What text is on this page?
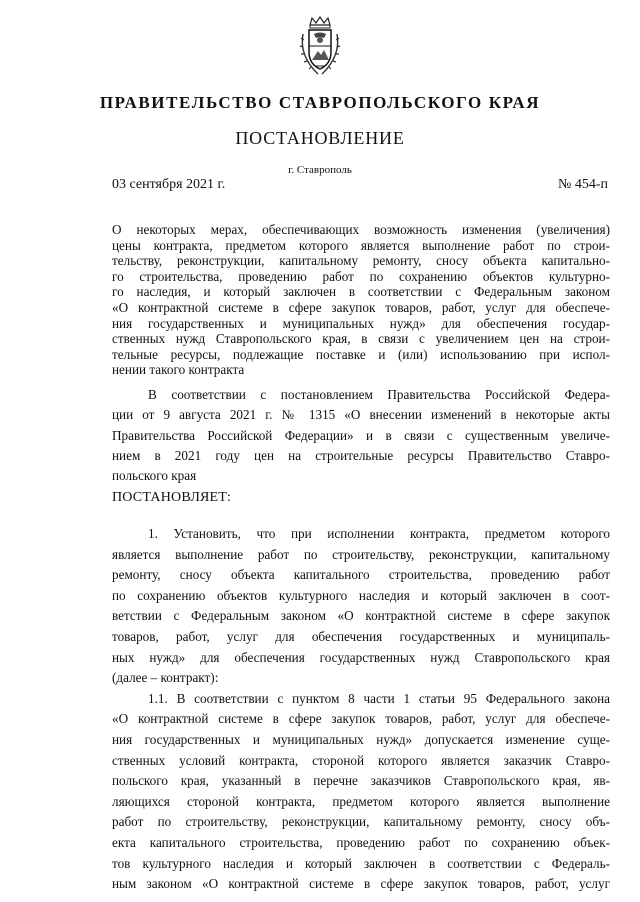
ПРАВИТЕЛЬСТВО СТАВРОПОЛЬСКОГО КРАЯ
ПОСТАНОВЛЕНИЕ
г. Ставрополь
03 сентября 2021 г.	№ 454-п
О некоторых мерах, обеспечивающих возможность изменения (увеличения)
цены контракта, предметом которого является выполнение работ по строи-
тельству, реконструкции, капитальному ремонту, сносу объекта капитально-
го строительства, проведению работ по сохранению объектов культурно-
го наследия, и который заключен в соответствии с Федеральным законом
«О контрактной системе в сфере закупок товаров, работ, услуг для обеспече-
ния государственных и муниципальных нужд» для обеспечения государ-
ственных нужд Ставропольского края, в связи с увеличением цен на строи-
тельные ресурсы, подлежащие поставке и (или) использованию при испол-
нении такого контракта
В соответствии с постановлением Правительства Российской Федера-
ции от 9 августа 2021 г. № 1315 «О внесении изменений в некоторые акты
Правительства Российской Федерации» и в связи с существенным увеличе-
нием в 2021 году цен на строительные ресурсы Правительство Ставро-
польского края
ПОСТАНОВЛЯЕТ:
1. Установить, что при исполнении контракта, предметом которого
является выполнение работ по строительству, реконструкции, капитальному
ремонту, сносу объекта капитального строительства, проведению работ
по сохранению объектов культурного наследия и который заключен в соот-
ветствии с Федеральным законом «О контрактной системе в сфере закупок
товаров, работ, услуг для обеспечения государственных и муниципаль-
ных нужд» для обеспечения государственных нужд Ставропольского края
(далее – контракт):
1.1. В соответствии с пунктом 8 части 1 статьи 95 Федерального закона
«О контрактной системе в сфере закупок товаров, работ, услуг для обеспече-
ния государственных и муниципальных нужд» допускается изменение суще-
ственных условий контракта, стороной которого является заказчик Ставро-
польского края, указанный в перечне заказчиков Ставропольского края, яв-
ляющихся стороной контракта, предметом которого является выполнение
работ по строительству, реконструкции, капитальному ремонту, сносу объ-
екта капитального строительства, проведению работ по сохранению объек-
тов культурного наследия и который заключен в соответствии с Федераль-
ным законом «О контрактной системе в сфере закупок товаров, работ, услуг
